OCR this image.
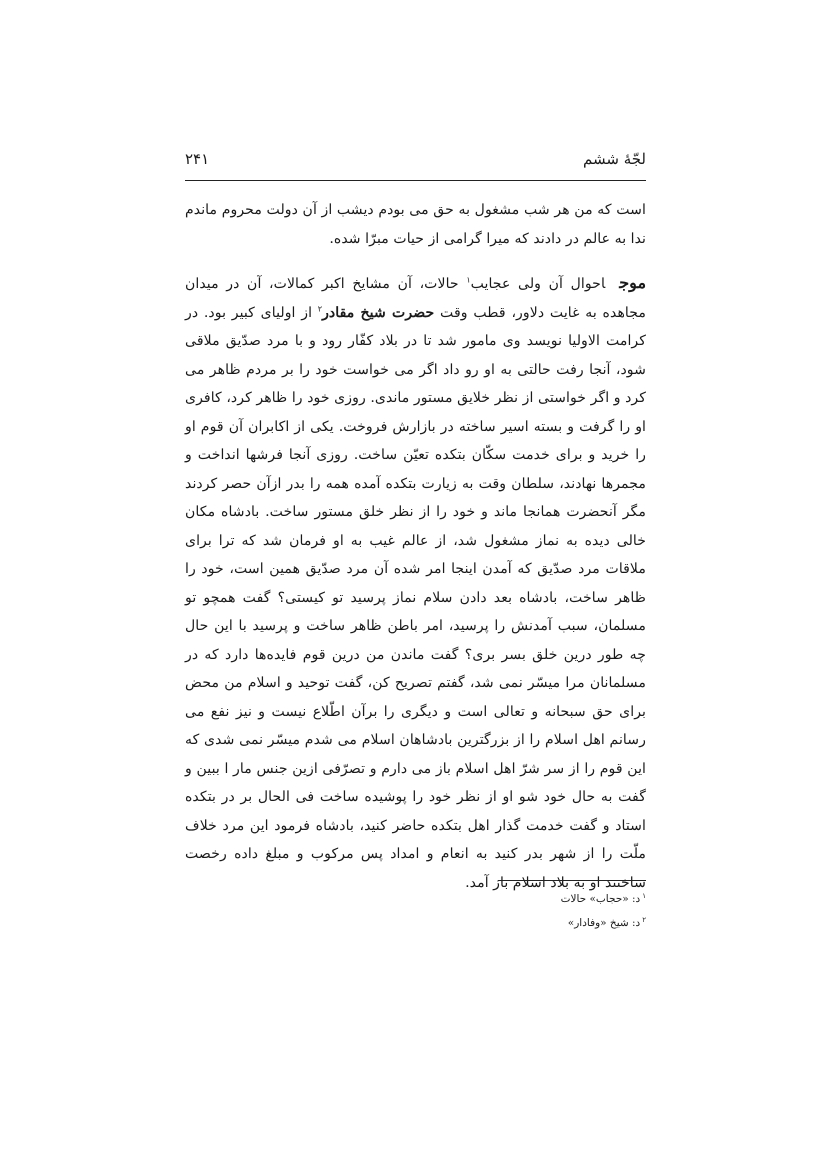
لجّهٔ ششم
۲۴۱

است که من هر شب مشغول به حق می بودم دیشب از آن دولت محروم ماندم ندا به عالم در دادند که میرا گرامی از حیات مبرّا شده.

موجاحوال آن ولی عجایب$^۱$ حالات، آن مشایخ اکبر کمالات، آن در میدان مجاهده به غایت دلاور، قطب وقت حضرت شیخ مقادر$^۲$ از اولیای کبیر بود. در کرامت الاولیا نویسد وی مامور شد تا در بلاد کفّار رود و با مرد صدّیق ملاقی شود، آنجا رفت حالتی به او رو داد اگر می خواست خود را بر مردم ظاهر می کرد و اگر خواستی از نظر خلایق مستور ماندی. روزی خود را ظاهر کرد، کافری او را گرفت و بسته اسیر ساخته در بازارش فروخت. یکی از اکابران آن قوم او را خرید و برای خدمت سکّان بتکده تعیّن ساخت. روزی آنجا فرشها انداخت و مجمرها نهادند، سلطان وقت به زیارت بتکده آمده همه را بدر ازآن حصر کردند مگر آنحضرت همانجا ماند و خود را از نظر خلق مستور ساخت. بادشاه مکان خالی دیده به نماز مشغول شد، از عالم غیب به او فرمان شد که ترا برای ملاقات مرد صدّیق که آمدن اینجا امر شده آن مرد صدّیق همین است، خود را ظاهر ساخت، بادشاه بعد دادن سلام نماز پرسید تو کیستی؟ گفت همچو تو مسلمان، سبب آمدنش را پرسید، امر باطن ظاهر ساخت و پرسید با این حال چه طور درین خلق بسر بری؟ گفت ماندن من درین قوم فایده‌ها دارد که در مسلمانان مرا میسّر نمی شد، گفتم تصریح کن، گفت توحید و اسلام من محض برای حق سبحانه و تعالی است و دیگری را برآن اطّلاع نیست و نیز نفع می رسانم اهل اسلام را از بزرگترین بادشاهان اسلام می شدم میسّر نمی شدی که این قوم را از سر شرّ اهل اسلام باز می دارم و تصرّفی ازین جنس مار ا ببین و گفت به حال خود شو او از نظر خود را پوشیده ساخت فی الحال بر در بتکده استاد و گفت خدمت گذار اهل بتکده حاضر کنید، بادشاه فرمود این مرد خلاف ملّت را از شهر بدر کنید به انعام و امداد پس مرکوب و مبلغ داده رخصت ساختند او به بلاد اسلام باز آمد.

$^۱$د: «حجاب» حالات

$^۲$د: شیخ «وفادار»
